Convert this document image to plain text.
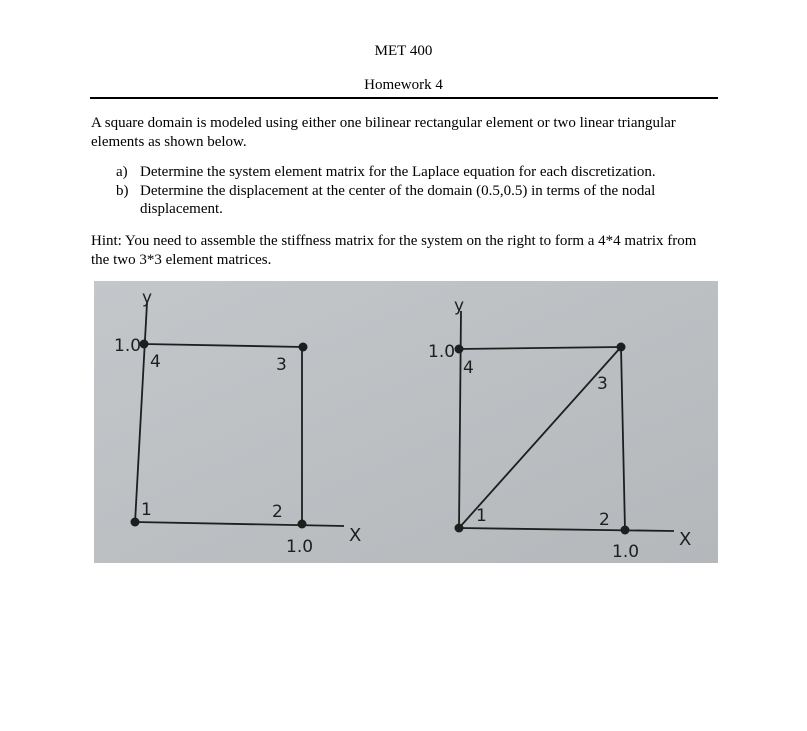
MET 400
Homework 4
A square domain is modeled using either one bilinear rectangular element or two linear triangular elements as shown below.
a) Determine the system element matrix for the Laplace equation for each discretization.
b) Determine the displacement at the center of the domain (0.5,0.5) in terms of the nodal displacement.
Hint: You need to assemble the stiffness matrix for the system on the right to form a 4*4 matrix from the two 3*3 element matrices.
y
1.0
1.0
X
1	2
3
4
y
1.0
1.0
X
1	2
3
4
